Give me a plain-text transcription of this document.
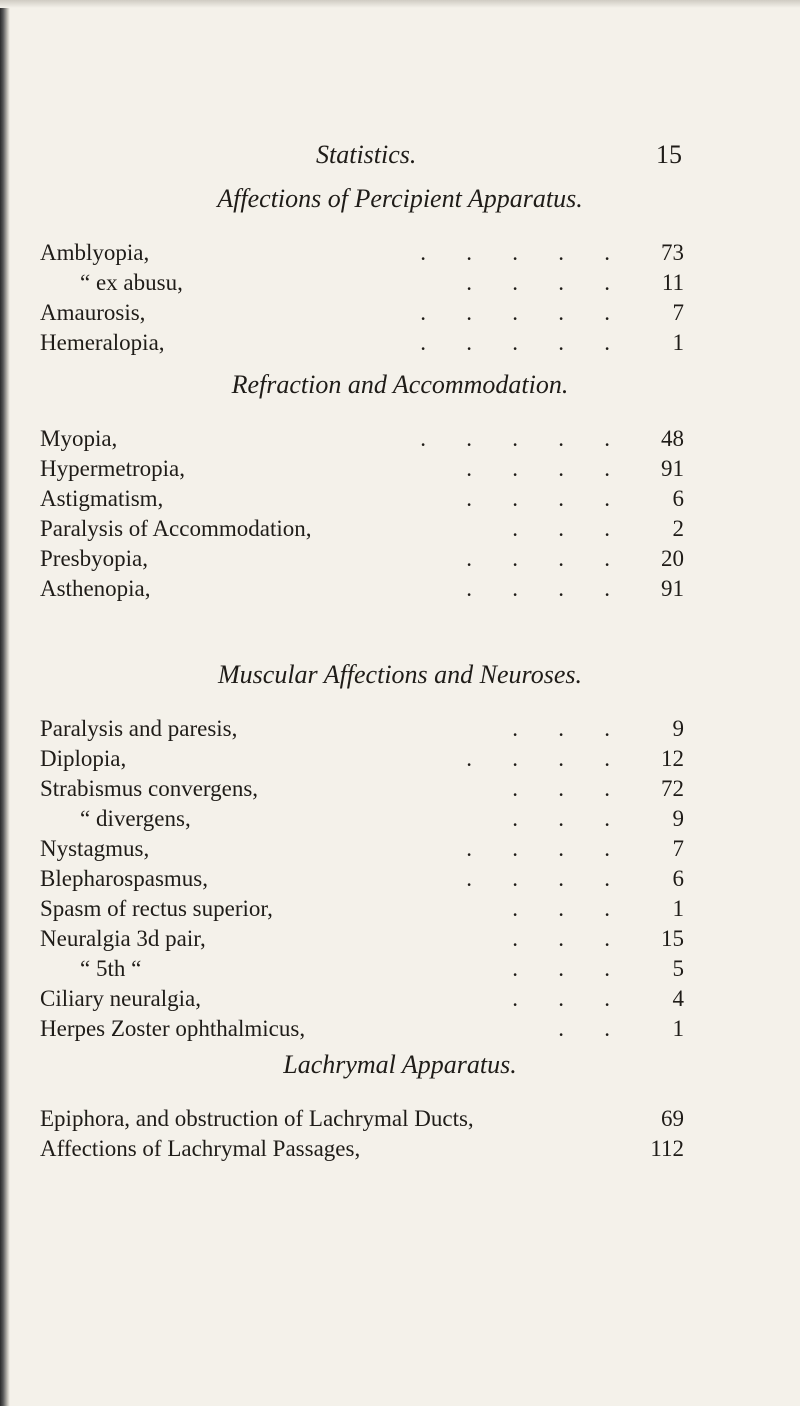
Statistics.	15
Affections of Percipient Apparatus.
Amblyopia,	.       .       .       .       .	73
“ ex abusu,	.       .       .       .	11
Amaurosis,	.       .       .       .       .	7
Hemeralopia,	.       .       .       .       .	1
Refraction and Accommodation.
Myopia,	.       .       .       .       .	48
Hypermetropia,	.       .       .       .	91
Astigmatism,	.       .       .       .	6
Paralysis of Accommodation,	.       .       .	2
Presbyopia,	.       .       .       .	20
Asthenopia,	.       .       .       .	91
Muscular Affections and Neuroses.
Paralysis and paresis,	.       .       .	9
Diplopia,	.       .       .       .	12
Strabismus convergens,	.       .       .	72
“ divergens,	.       .       .	9
Nystagmus,	.       .       .       .	7
Blepharospasmus,	.       .       .       .	6
Spasm of rectus superior,	.       .       .	1
Neuralgia 3d pair,	.       .       .	15
“ 5th “	.       .       .	5
Ciliary neuralgia,	.       .       .	4
Herpes Zoster ophthalmicus,	.       .	1
Lachrymal Apparatus.
Epiphora, and obstruction of Lachrymal Ducts,	69
Affections of Lachrymal Passages,	112
